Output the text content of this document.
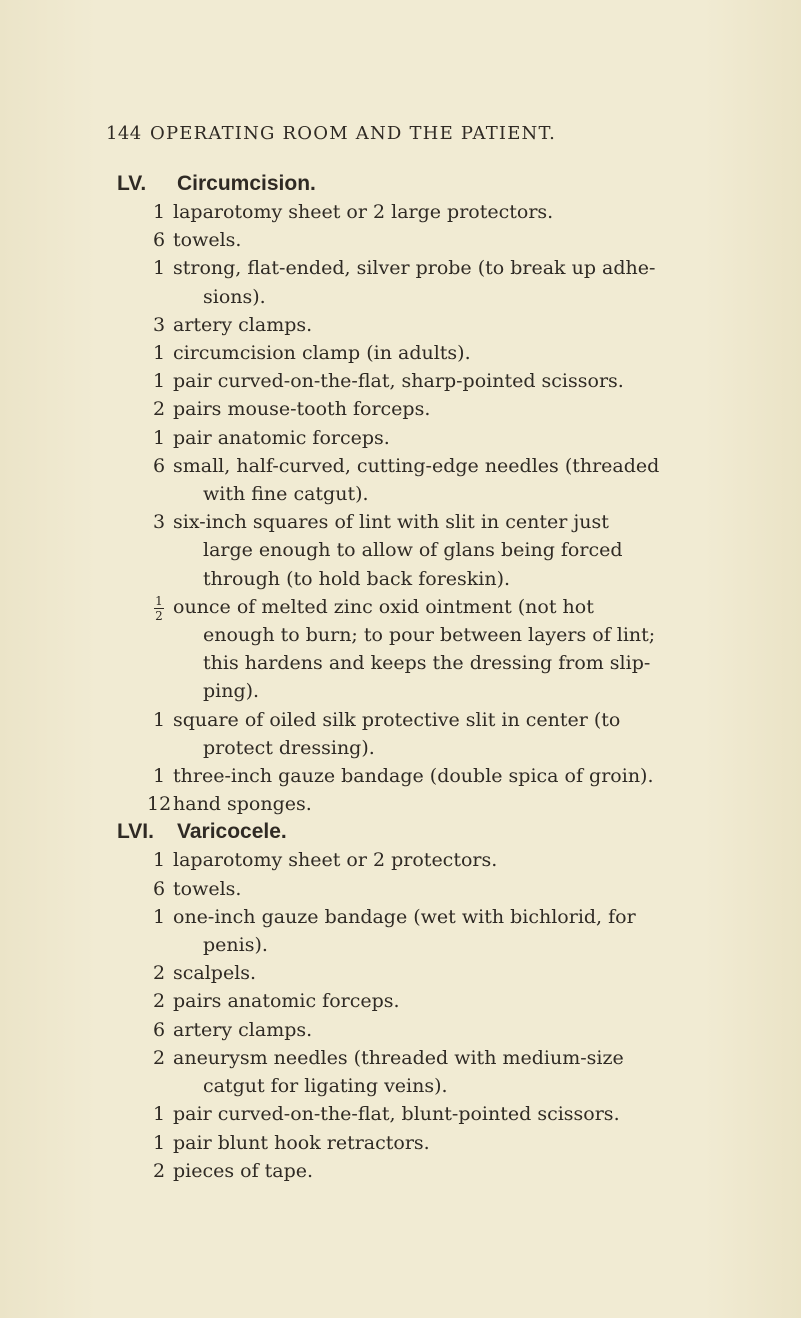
144 OPERATING ROOM AND THE PATIENT.
LV. Circumcision.
1 laparotomy sheet or 2 large protectors.
6 towels.
1 strong, flat-ended, silver probe (to break up adhe-
sions).
3 artery clamps.
1 circumcision clamp (in adults).
1 pair curved-on-the-flat, sharp-pointed scissors.
2 pairs mouse-tooth forceps.
1 pair anatomic forceps.
6 small, half-curved, cutting-edge needles (threaded
with fine catgut).
3 six-inch squares of lint with slit in center just
large enough to allow of glans being forced
through (to hold back foreskin).
1
2 ounce of melted zinc oxid ointment (not hot
enough to burn; to pour between layers of lint;
this hardens and keeps the dressing from slip-
ping).
1 square of oiled silk protective slit in center (to
protect dressing).
1 three-inch gauze bandage (double spica of groin).
12 hand sponges.
LVI. Varicocele.
1 laparotomy sheet or 2 protectors.
6 towels.
1 one-inch gauze bandage (wet with bichlorid, for
penis).
2 scalpels.
2 pairs anatomic forceps.
6 artery clamps.
2 aneurysm needles (threaded with medium-size
catgut for ligating veins).
1 pair curved-on-the-flat, blunt-pointed scissors.
1 pair blunt hook retractors.
2 pieces of tape.
